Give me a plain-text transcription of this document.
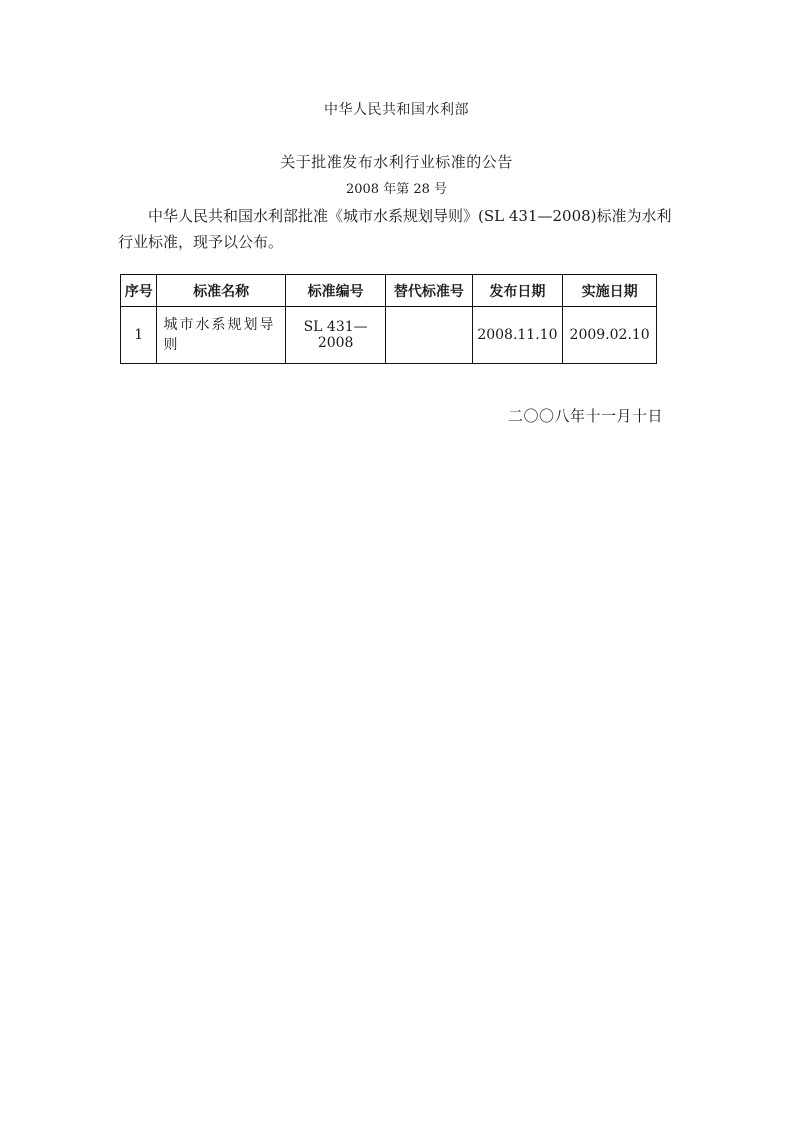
中华人民共和国水利部
关于批准发布水利行业标准的公告
2008 年第 28 号

中华人民共和国水利部批准《城市水系规划导则》(SL 431—2008)标准为水利行业标准，现予以公布。

序号	标准名称	标准编号	替代标准号	发布日期	实施日期
1	城市水系规划导则	SL 431—2008		2008.11.10	2009.02.10
二〇〇八年十一月十日
